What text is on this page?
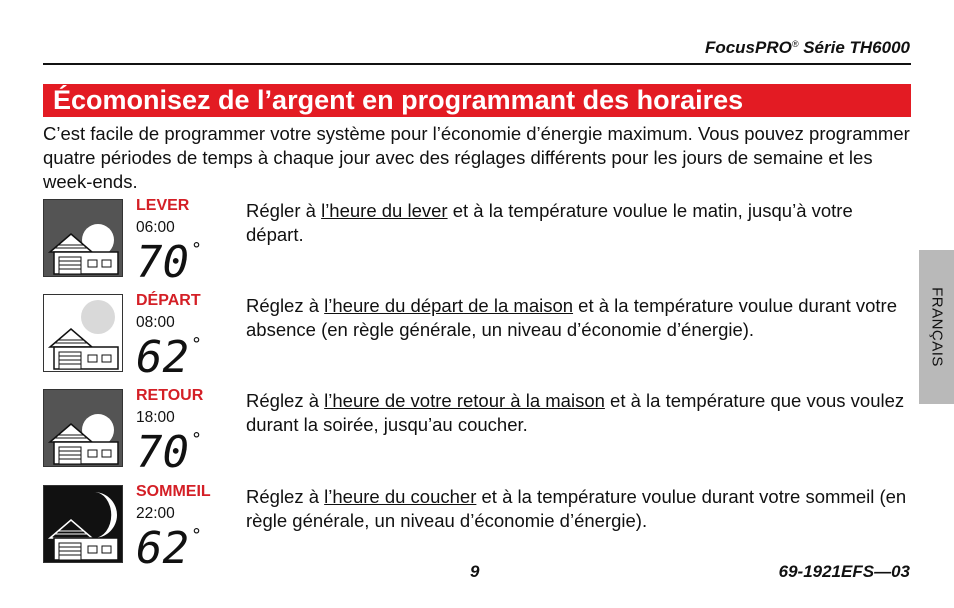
FocusPRO® Série TH6000
Écomonisez de l’argent en programmant des horaires
C’est facile de programmer votre système pour l’économie d’énergie maximum. Vous pouvez programmer quatre périodes de temps à chaque jour avec des réglages différents pour les jours de semaine et les week-ends.
LEVER
06:00
70 °
Régler à l’heure du lever et à la température voulue le matin, jusqu’à votre départ.
DÉPART
08:00
62 °
Réglez à l’heure du départ de la maison et à la température voulue durant votre absence (en règle générale, un niveau d’économie d’énergie).
RETOUR
18:00
70 °
Réglez à l’heure de votre retour à la maison et à la température que vous voulez durant la soirée, jusqu’au coucher.
SOMMEIL
22:00
62 °
Réglez à l’heure du coucher et à la température voulue durant votre sommeil (en règle générale, un niveau d’économie d’énergie).
FRANÇAIS
9	69-1921EFS—03
